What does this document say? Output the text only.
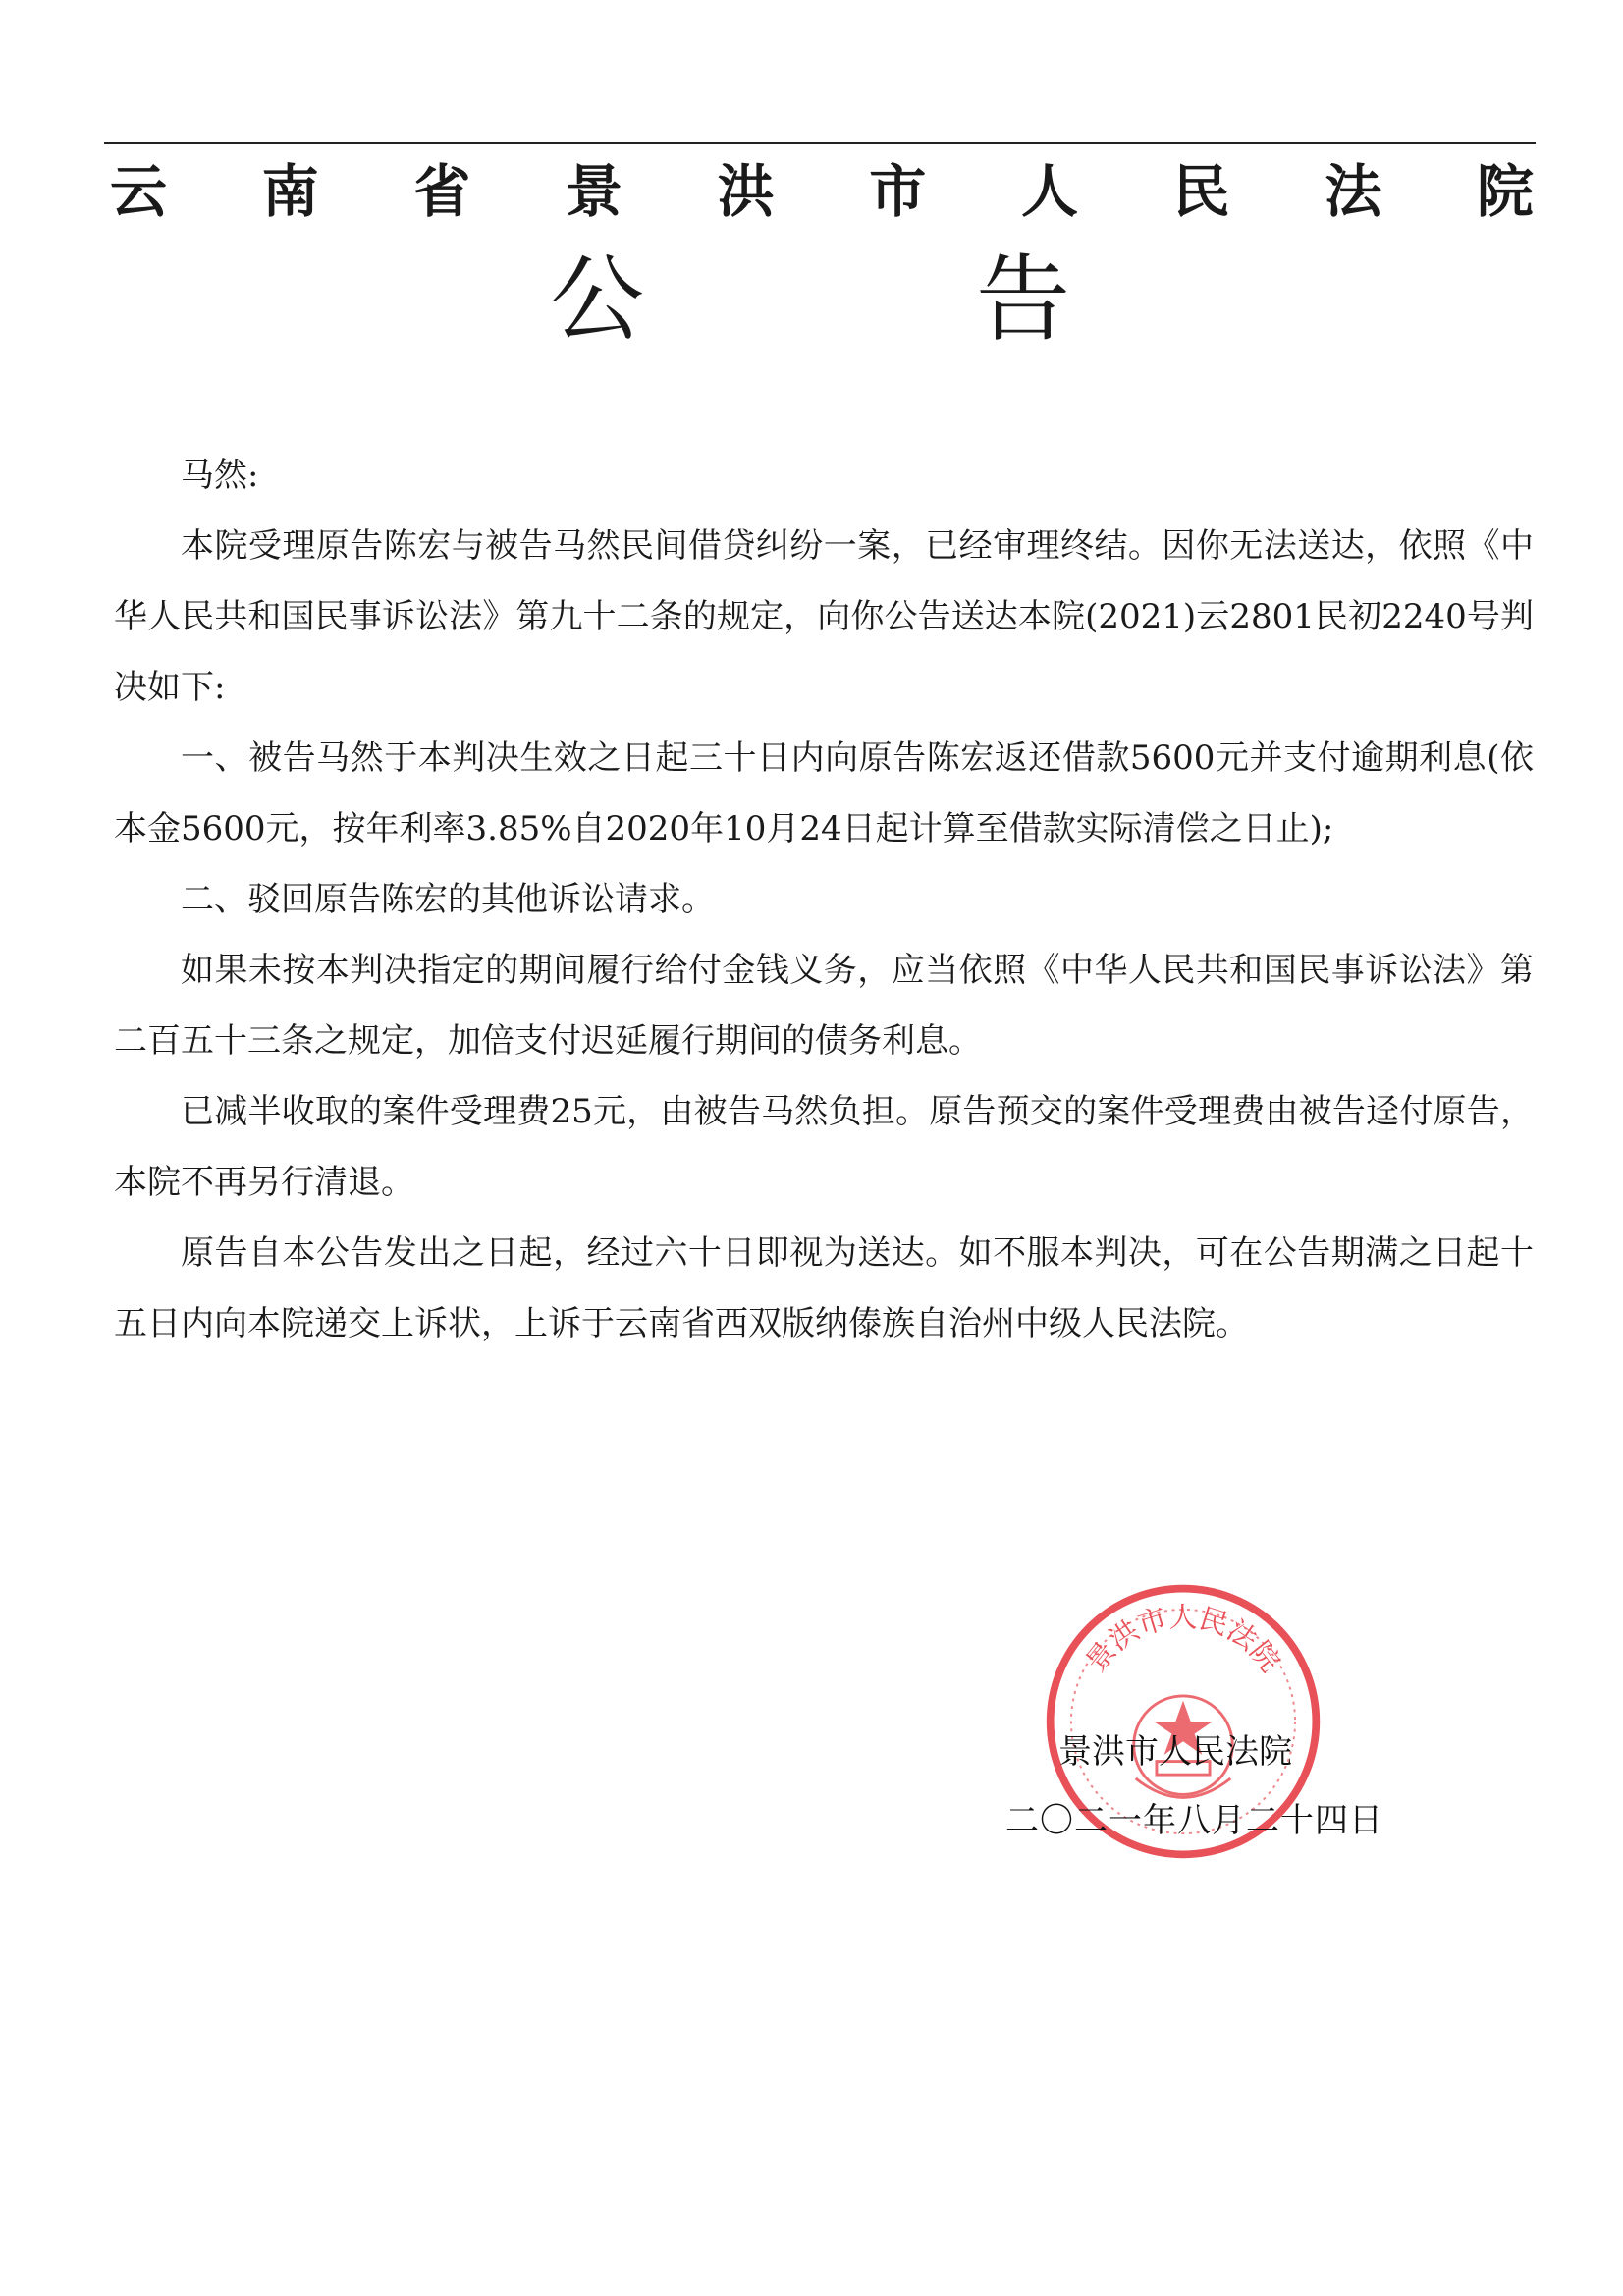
云 南 省 景 洪 市 人 民 法 院
公	告

马然:

本院受理原告陈宏与被告马然民间借贷纠纷一案，已经审理终结。因你无法送达，依照《中华人民共和国民事诉讼法》第九十二条的规定，向你公告送达本院(2021)云2801民初2240号判决如下:

一、被告马然于本判决生效之日起三十日内向原告陈宏返还借款5600元并支付逾期利息(依本金5600元，按年利率3.85%自2020年10月24日起计算至借款实际清偿之日止);

二、驳回原告陈宏的其他诉讼请求。

如果未按本判决指定的期间履行给付金钱义务，应当依照《中华人民共和国民事诉讼法》第二百五十三条之规定，加倍支付迟延履行期间的债务利息。

已减半收取的案件受理费25元，由被告马然负担。原告预交的案件受理费由被告迳付原告，本院不再另行清退。

原告自本公告发出之日起，经过六十日即视为送达。如不服本判决，可在公告期满之日起十五日内向本院递交上诉状，上诉于云南省西双版纳傣族自治州中级人民法院。

景洪市人民法院
景洪市人民法院
二〇二一年八月二十四日
